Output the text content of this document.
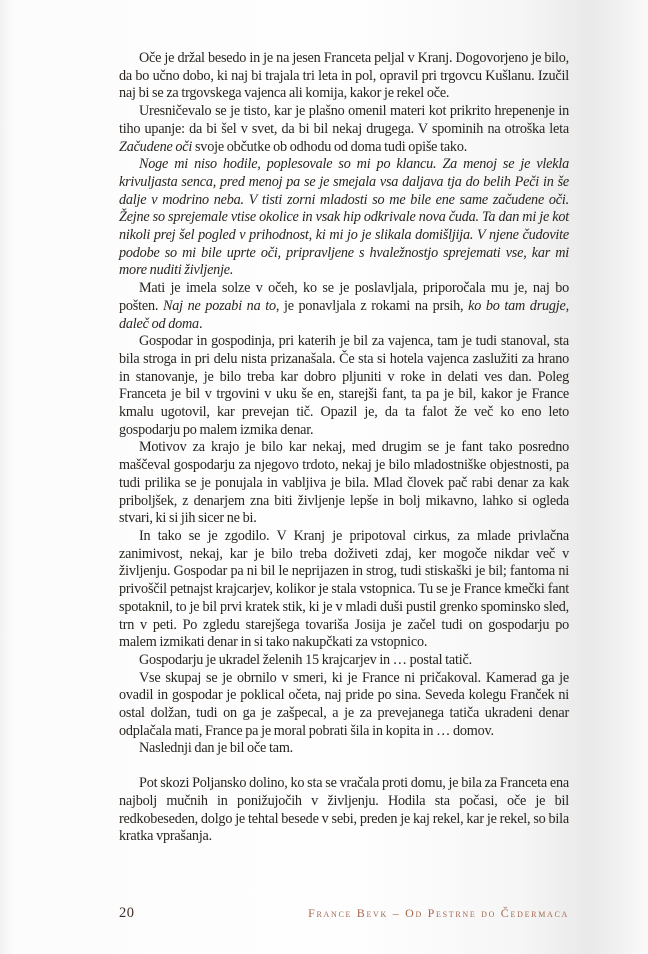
Oče je držal besedo in je na jesen Franceta peljal v Kranj. Dogovorjeno je bilo, da bo učno dobo, ki naj bi trajala tri leta in pol, opravil pri trgovcu Kušlanu. Izučil naj bi se za trgovskega vajenca ali komija, kakor je rekel oče.

Uresničevalo se je tisto, kar je plašno omenil materi kot prikrito hrepenenje in tiho upanje: da bi šel v svet, da bi bil nekaj drugega. V spominih na otroška leta Začudene oči svoje občutke ob odhodu od doma tudi opiše tako.

Noge mi niso hodile, poplesovale so mi po klancu. Za menoj se je vlekla krivuljasta senca, pred menoj pa se je smejala vsa daljava tja do belih Peči in še dalje v modrino neba. V tisti zorni mladosti so me bile ene same začudene oči. Žejne so sprejemale vtise okolice in vsak hip odkrivale nova čuda. Ta dan mi je kot nikoli prej šel pogled v prihodnost, ki mi jo je slikala domišljija. V njene čudovite podobe so mi bile uprte oči, pripravljene s hvaležnostjo sprejemati vse, kar mi more nuditi življenje.

Mati je imela solze v očeh, ko se je poslavljala, priporočala mu je, naj bo pošten. Naj ne pozabi na to, je ponavljala z rokami na prsih, ko bo tam drugje, daleč od doma.

Gospodar in gospodinja, pri katerih je bil za vajenca, tam je tudi stanoval, sta bila stroga in pri delu nista prizanašala. Če sta si hotela vajenca zaslužiti za hrano in stanovanje, je bilo treba kar dobro pljuniti v roke in delati ves dan. Poleg Franceta je bil v trgovini v uku še en, starejši fant, ta pa je bil, kakor je France kmalu ugotovil, kar prevejan tič. Opazil je, da ta falot že več ko eno leto gospodarju po malem izmika denar.

Motivov za krajo je bilo kar nekaj, med drugim se je fant tako posredno maščeval gospodarju za njegovo trdoto, nekaj je bilo mladostniške objestnosti, pa tudi prilika se je ponujala in vabljiva je bila. Mlad človek pač rabi denar za kak priboljšek, z denarjem zna biti življenje lepše in bolj mikavno, lahko si ogleda stvari, ki si jih sicer ne bi.

In tako se je zgodilo. V Kranj je pripotoval cirkus, za mlade privlačna zanimivost, nekaj, kar je bilo treba doživeti zdaj, ker mogoče nikdar več v življenju. Gospodar pa ni bil le neprijazen in strog, tudi stiskaški je bil; fantoma ni privoščil petnajst krajcarjev, kolikor je stala vstopnica. Tu se je France kmečki fant spotaknil, to je bil prvi kratek stik, ki je v mladi duši pustil grenko spominsko sled, trn v peti. Po zgledu starejšega tovariša Josija je začel tudi on gospodarju po malem izmikati denar in si tako nakupčkati za vstopnico.

Gospodarju je ukradel želenih 15 krajcarjev in … postal tatič.

Vse skupaj se je obrnilo v smeri, ki je France ni pričakoval. Kamerad ga je ovadil in gospodar je poklical očeta, naj pride po sina. Seveda kolegu Franček ni ostal dolžan, tudi on ga je zašpecal, a je za prevejanega tatiča ukradeni denar odplačala mati, France pa je moral pobrati šila in kopita in … domov.

Naslednji dan je bil oče tam.

Pot skozi Poljansko dolino, ko sta se vračala proti domu, je bila za Franceta ena najbolj mučnih in ponižujočih v življenju. Hodila sta počasi, oče je bil redkobeseden, dolgo je tehtal besede v sebi, preden je kaj rekel, kar je rekel, so bila kratka vprašanja.

20	France Bevk – Od Pestrne do Čedermaca
